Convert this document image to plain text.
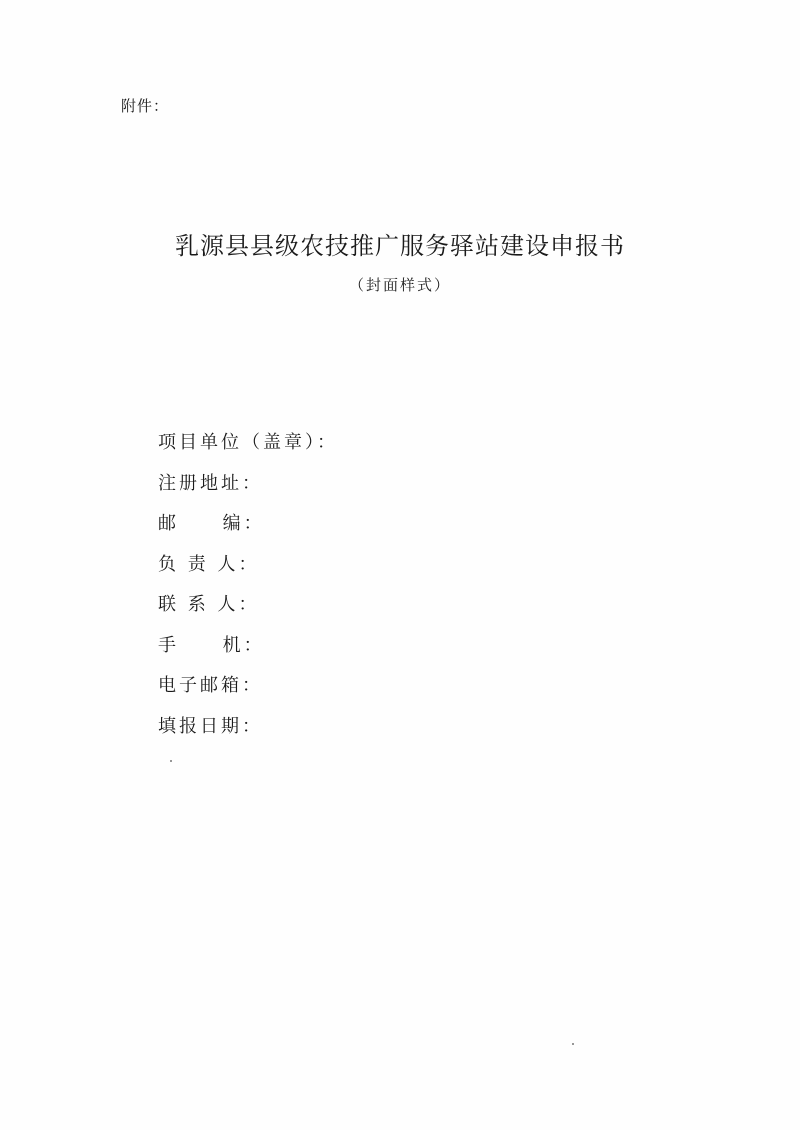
附件：
乳源县县级农技推广服务驿站建设申报书
（封面样式）
项目单位（盖章）：
注册地址：
邮     编：
负 责 人：
联 系 人：
手     机：
电子邮箱：
填报日期：
